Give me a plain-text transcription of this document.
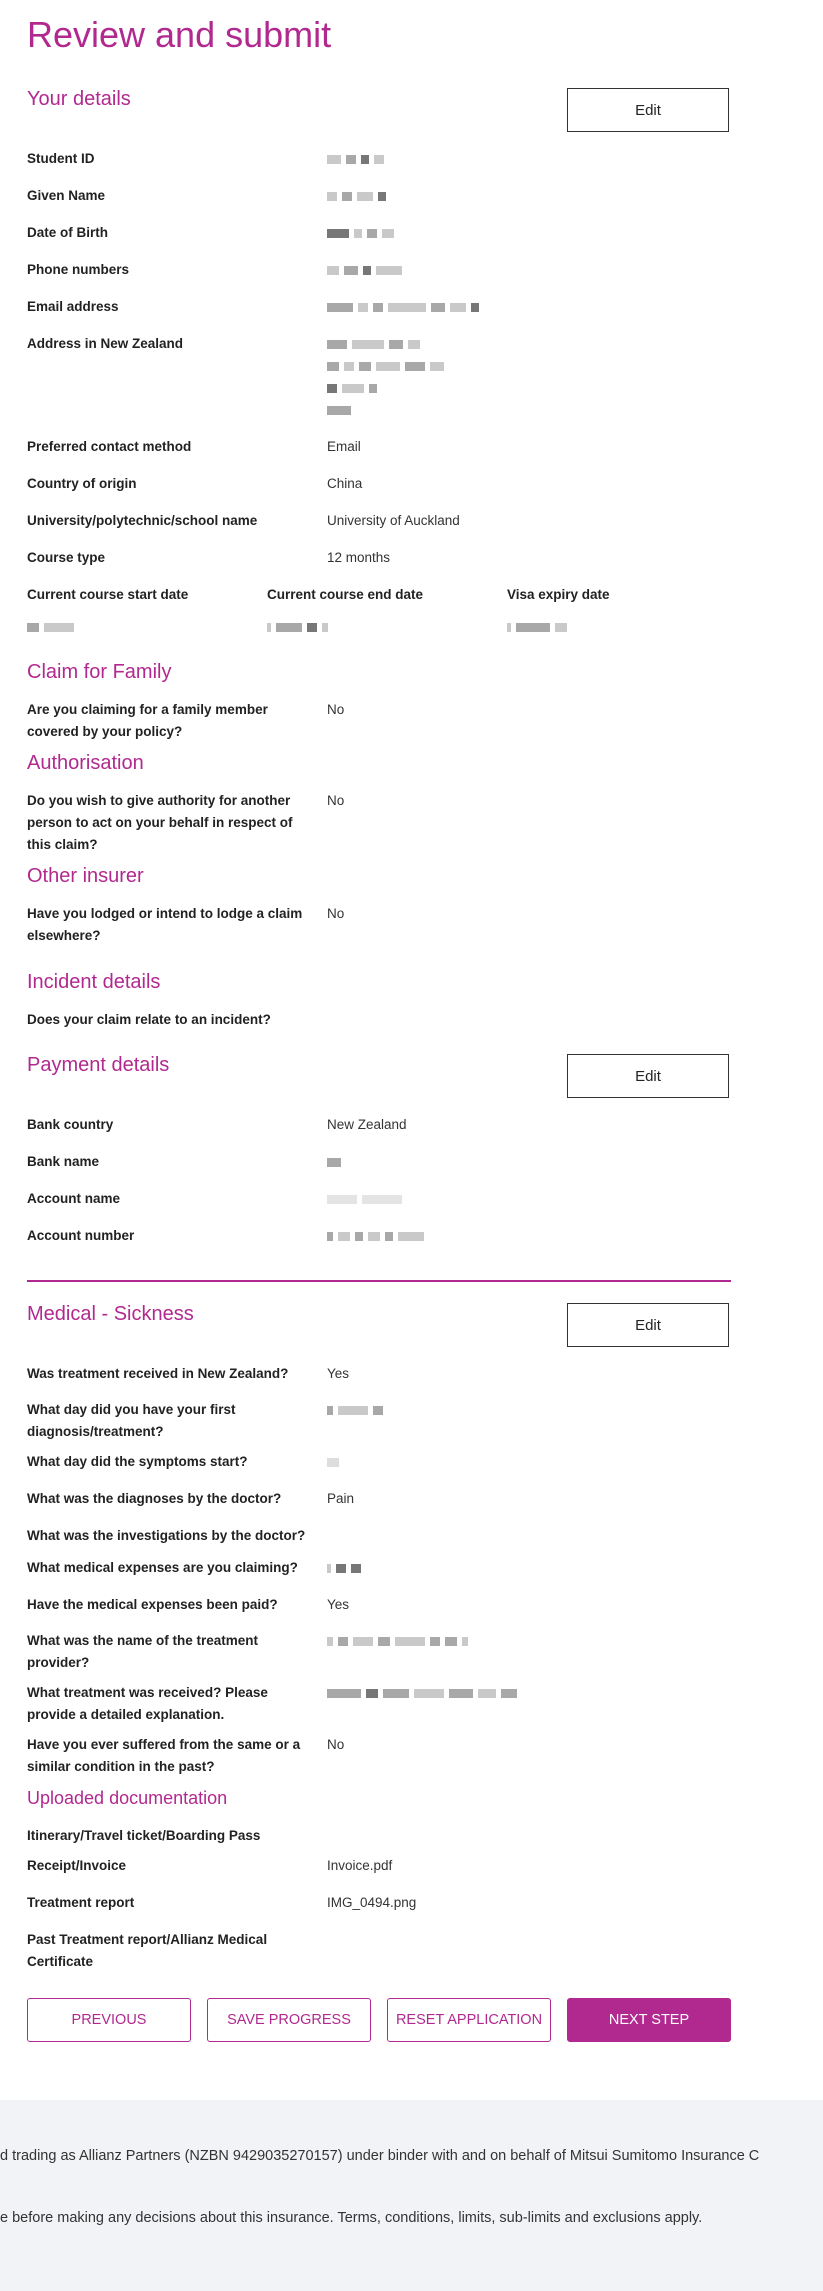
Review and submit
Your details	Edit
Student ID
Given Name
Date of Birth
Phone numbers
Email address
Address in New Zealand
Preferred contact method	Email
Country of origin	China
University/polytechnic/school name	University of Auckland
Course type	12 months
Current course start date	Current course end date	Visa expiry date
Claim for Family
Are you claiming for a family member covered by your policy?
No
Authorisation
Do you wish to give authority for another person to act on your behalf in respect of this claim?
No
Other insurer
Have you lodged or intend to lodge a claim elsewhere?
No
Incident details
Does your claim relate to an incident?
Payment details	Edit
Bank country	New Zealand
Bank name
Account name
Account number
Medical - Sickness	Edit
Was treatment received in New Zealand?	Yes
What day did you have your first diagnosis/treatment?
What day did the symptoms start?
What was the diagnoses by the doctor?	Pain
What was the investigations by the doctor?
What medical expenses are you claiming?
Have the medical expenses been paid?	Yes
What was the name of the treatment provider?
What treatment was received? Please provide a detailed explanation.
Have you ever suffered from the same or a similar condition in the past?
No
Uploaded documentation
Itinerary/Travel ticket/Boarding Pass
Receipt/Invoice	Invoice.pdf
Treatment report	IMG_0494.png
Past Treatment report/Allianz Medical Certificate
PREVIOUS	SAVE PROGRESS	RESET APPLICATION	NEXT STEP
d trading as Allianz Partners (NZBN 9429035270157) under binder with and on behalf of Mitsui Sumitomo Insurance C
e before making any decisions about this insurance. Terms, conditions, limits, sub-limits and exclusions apply.
